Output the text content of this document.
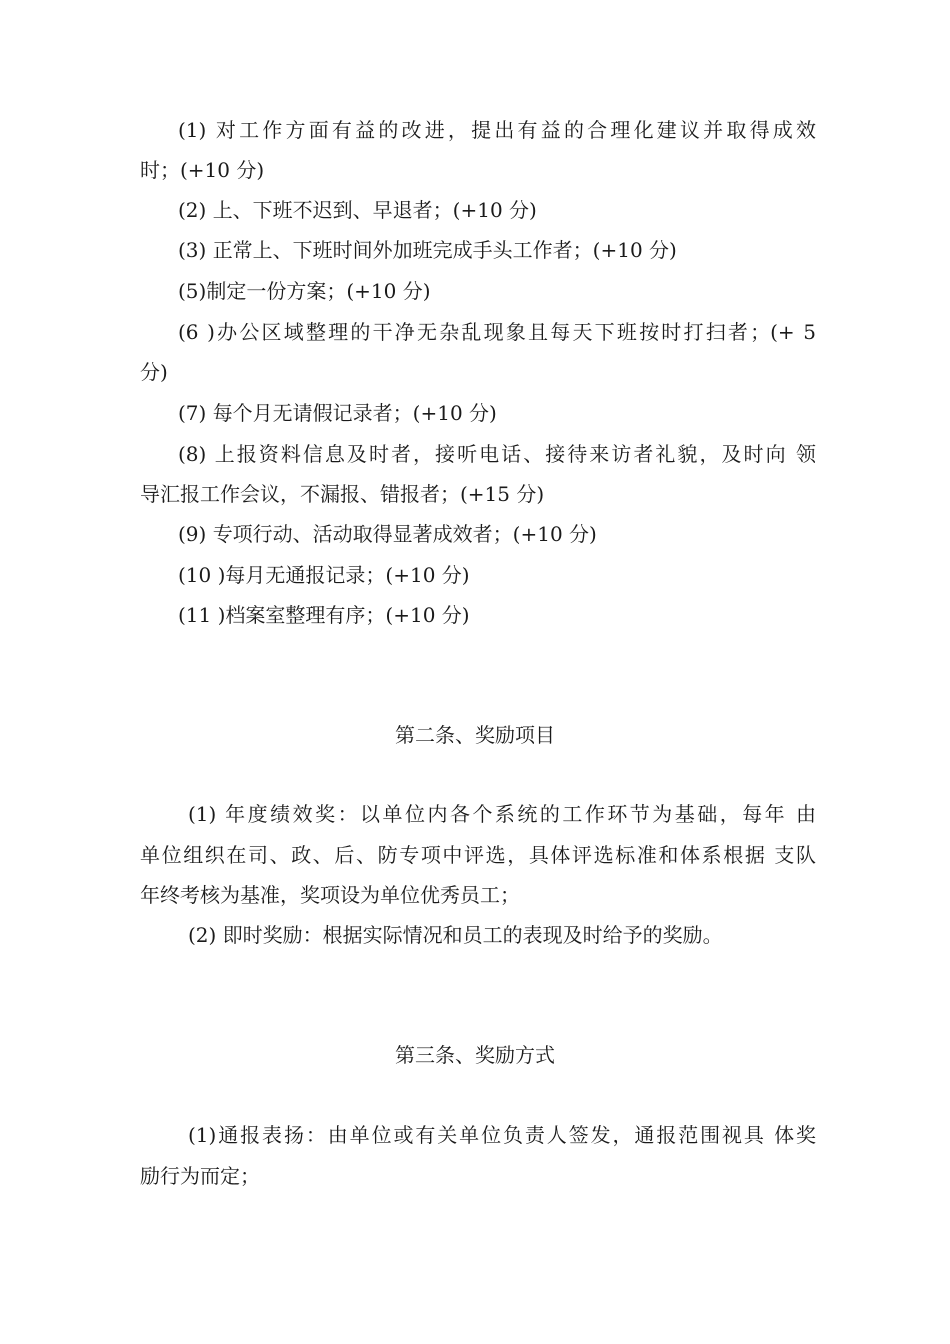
(1) 对工作方面有益的改进，提出有益的合理化建议并取得成效
时；(+10 分)
(2) 上、下班不迟到、早退者；(+10 分)
(3) 正常上、下班时间外加班完成手头工作者；(+10 分)
(5)制定一份方案；(+10 分)
(6 )办公区域整理的干净无杂乱现象且每天下班按时打扫者；(+ 5
分)
(7) 每个月无请假记录者；(+10 分)
(8) 上报资料信息及时者，接听电话、接待来访者礼貌，及时向 领
导汇报工作会议，不漏报、错报者；(+15 分)
(9) 专项行动、活动取得显著成效者；(+10 分)
(10 )每月无通报记录；(+10 分)
(11 )档案室整理有序；(+10 分)
第二条、奖励项目
(1) 年度绩效奖：以单位内各个系统的工作环节为基础，每年 由
单位组织在司、政、后、防专项中评选，具体评选标准和体系根据 支队
年终考核为基准，奖项设为单位优秀员工；
(2) 即时奖励：根据实际情况和员工的表现及时给予的奖励。
第三条、奖励方式
(1)通报表扬：由单位或有关单位负责人签发，通报范围视具 体奖
励行为而定；
